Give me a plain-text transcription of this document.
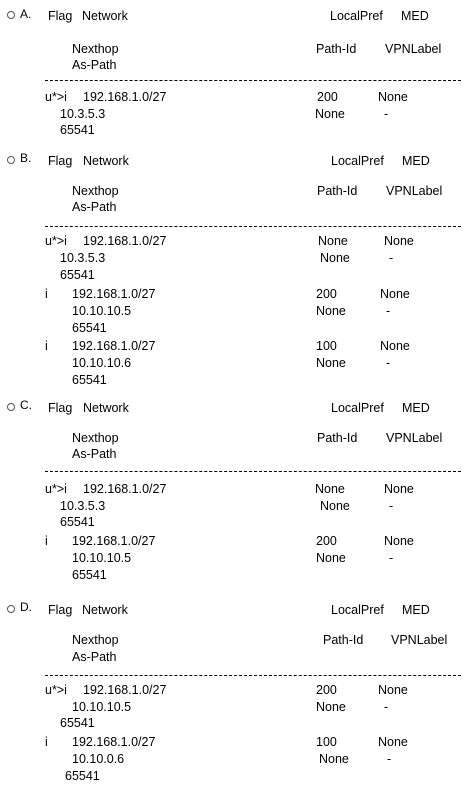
A. Flag Network	LocalPref MED
Nexthop	Path-Id VPNLabel
As-Path
u*>i 192.168.1.0/27	200	None
10.3.5.3	None	-
65541
B. Flag Network	LocalPref MED
Nexthop	Path-Id VPNLabel
As-Path
u*>i 192.168.1.0/27	None	None
10.3.5.3	None	-
65541
i 192.168.1.0/27	200	None
10.10.10.5	None	-
65541
i 192.168.1.0/27	100	None
10.10.10.6	None	-
65541
C. Flag Network	LocalPref MED
Nexthop	Path-Id VPNLabel
As-Path
u*>i 192.168.1.0/27	None	None
10.3.5.3	None	-
65541
i 192.168.1.0/27	200	None
10.10.10.5	None	-
65541
D. Flag Network	LocalPref MED
Nexthop	Path-Id VPNLabel
As-Path
u*>i 192.168.1.0/27	200	None
10.10.10.5	None	-
65541
i 192.168.1.0/27	100	None
10.10.0.6	None	-
65541
